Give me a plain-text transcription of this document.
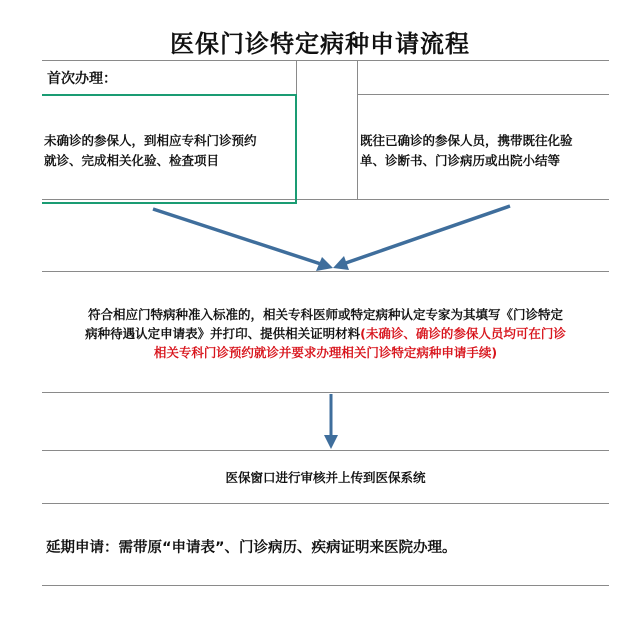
医保门诊特定病种申请流程
首次办理：
未确诊的参保人，到相应专科门诊预约
就诊、完成相关化验、检查项目
既往已确诊的参保人员，携带既往化验
单、诊断书、门诊病历或出院小结等
符合相应门特病种准入标准的，相关专科医师或特定病种认定专家为其填写《门诊特定
病种待遇认定申请表》并打印、提供相关证明材料(未确诊、确诊的参保人员均可在门诊
相关专科门诊预约就诊并要求办理相关门诊特定病种申请手续)
医保窗口进行审核并上传到医保系统
延期申请：需带原“申请表”、门诊病历、疾病证明来医院办理。
